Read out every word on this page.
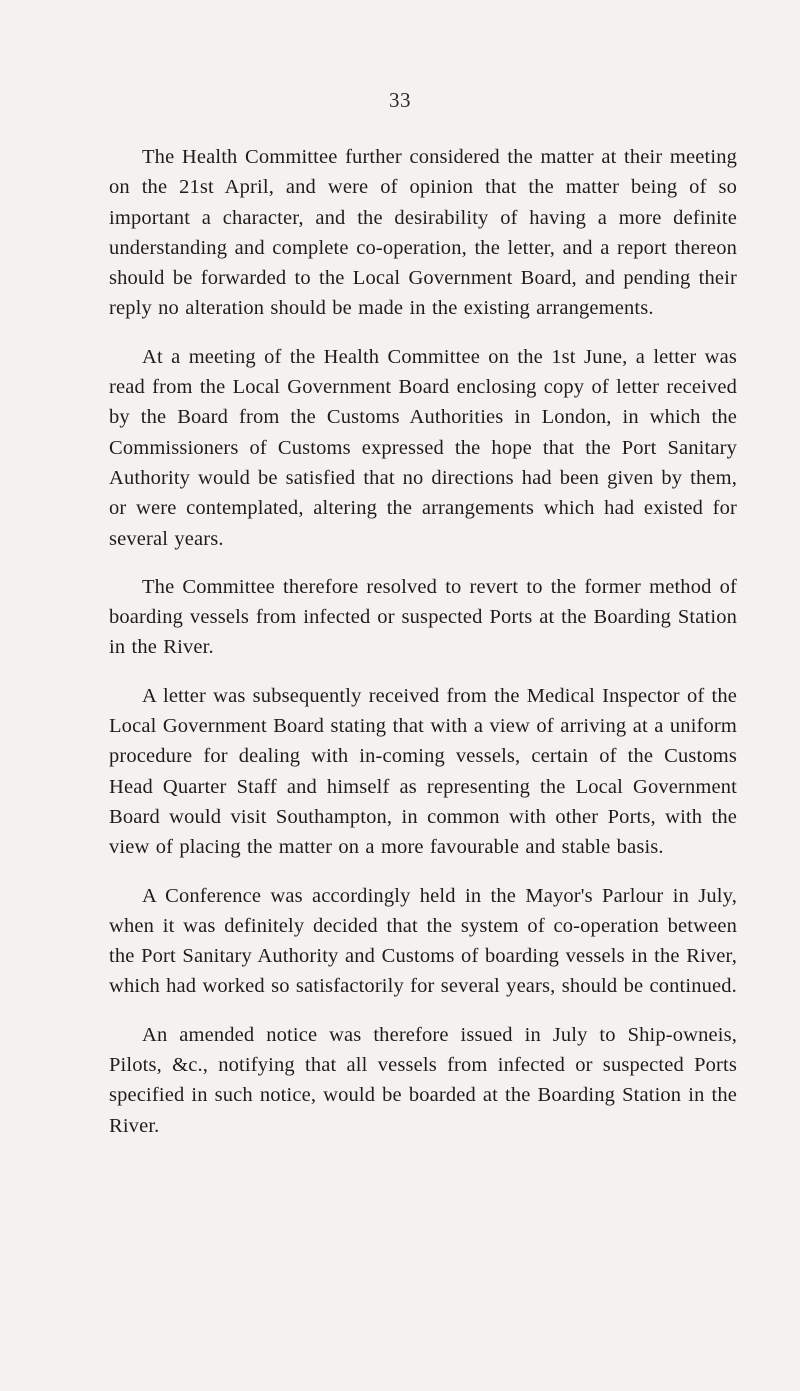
33

The Health Committee further considered the matter at their meeting on the 21st April, and were of opinion that the matter being of so important a character, and the desirability of having a more definite understanding and complete co-operation, the letter, and a report thereon should be forwarded to the Local Government Board, and pending their reply no alteration should be made in the existing arrangements.

At a meeting of the Health Committee on the 1st June, a letter was read from the Local Government Board enclosing copy of letter received by the Board from the Customs Authorities in London, in which the Commissioners of Customs expressed the hope that the Port Sanitary Authority would be satisfied that no directions had been given by them, or were contemplated, altering the arrangements which had existed for several years.

The Committee therefore resolved to revert to the former method of boarding vessels from infected or suspected Ports at the Boarding Station in the River.

A letter was subsequently received from the Medical Inspector of the Local Government Board stating that with a view of arriving at a uniform procedure for dealing with in-coming vessels, certain of the Customs Head Quarter Staff and himself as representing the Local Government Board would visit Southampton, in common with other Ports, with the view of placing the matter on a more favourable and stable basis.

A Conference was accordingly held in the Mayor's Parlour in July, when it was definitely decided that the system of co-operation between the Port Sanitary Authority and Customs of boarding vessels in the River, which had worked so satisfactorily for several years, should be continued.

An amended notice was therefore issued in July to Ship-owneis, Pilots, &c., notifying that all vessels from infected or suspected Ports specified in such notice, would be boarded at the Boarding Station in the River.
